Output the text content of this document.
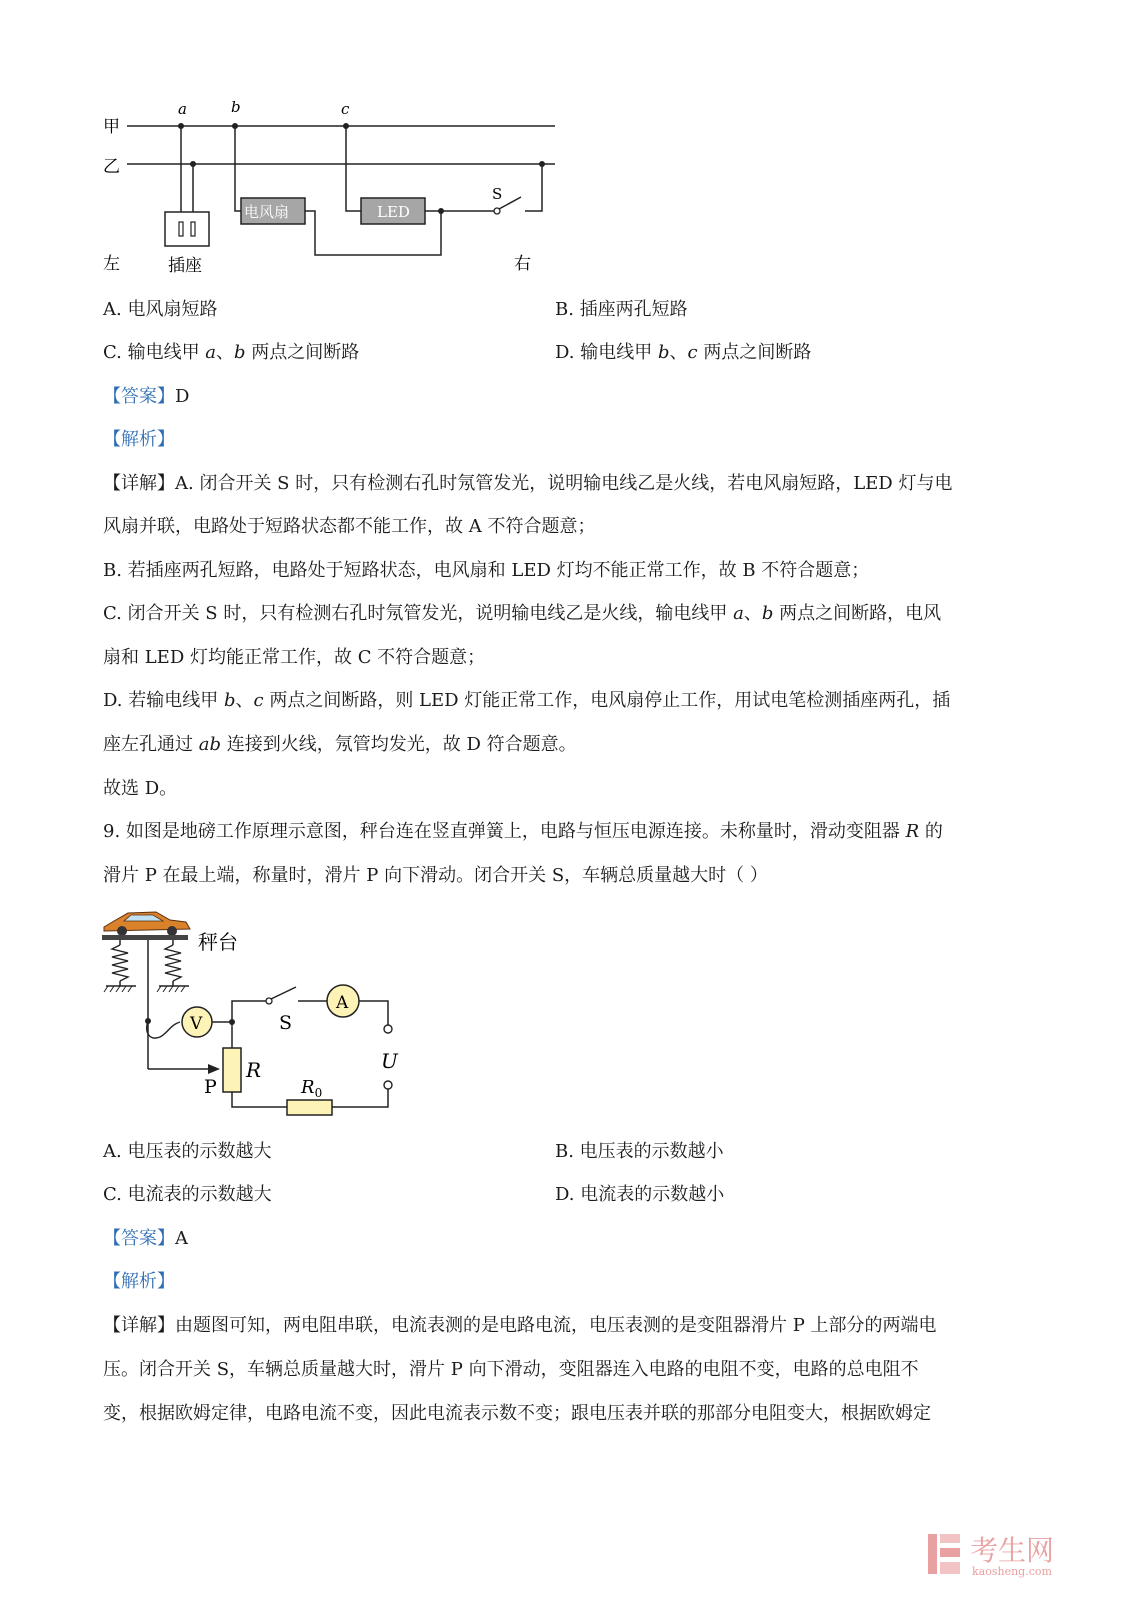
甲
乙
a	b	c
插座
电风扇	LED
S
左	右
A. 电风扇短路	B. 插座两孔短路
C. 输电线甲 a、b 两点之间断路	D. 输电线甲 b、c 两点之间断路
【答案】D
【解析】
【详解】A. 闭合开关 S 时，只有检测右孔时氖管发光，说明输电线乙是火线，若电风扇短路，LED 灯与电
风扇并联，电路处于短路状态都不能工作，故 A 不符合题意；
B. 若插座两孔短路，电路处于短路状态，电风扇和 LED 灯均不能正常工作，故 B 不符合题意；
C. 闭合开关 S 时，只有检测右孔时氖管发光，说明输电线乙是火线，输电线甲 a、b 两点之间断路，电风
扇和 LED 灯均能正常工作，故 C 不符合题意；
D. 若输电线甲 b、c 两点之间断路，则 LED 灯能正常工作，电风扇停止工作，用试电笔检测插座两孔，插
座左孔通过 ab 连接到火线，氖管均发光，故 D 符合题意。
故选 D。
9. 如图是地磅工作原理示意图，秤台连在竖直弹簧上，电路与恒压电源连接。未称量时，滑动变阻器 R 的
滑片 P 在最上端，称量时，滑片 P 向下滑动。闭合开关 S，车辆总质量越大时（ ）
秤台
P
V	S
A
U
R
$R_0$
A. 电压表的示数越大	B. 电压表的示数越小
C. 电流表的示数越大	D. 电流表的示数越小
【答案】A
【解析】
【详解】由题图可知，两电阻串联，电流表测的是电路电流，电压表测的是变阻器滑片 P 上部分的两端电
压。闭合开关 S，车辆总质量越大时，滑片 P 向下滑动，变阻器连入电路的电阻不变，电路的总电阻不
变，根据欧姆定律，电路电流不变，因此电流表示数不变；跟电压表并联的那部分电阻变大，根据欧姆定
考生网
kaosheng.com
